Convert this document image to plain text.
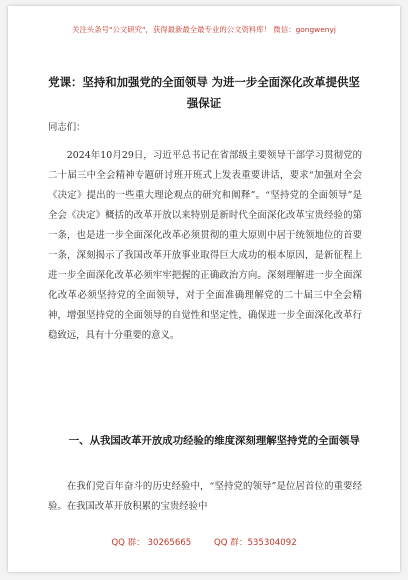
关注头条号"公文研究"，获得最新最全最专业的公文资料库！ 微信：gongwenyj
党课：坚持和加强党的全面领导 为进一步全面深化改革提供坚强保证
同志们：
2024年10月29日，习近平总书记在省部级主要领导干部学习贯彻党的二十届三中全会精神专题研讨班开班式上发表重要讲话，要求“加强对全会《决定》提出的一些重大理论观点的研究和阐释”。“坚持党的全面领导”是全会《决定》概括的改革开放以来特别是新时代全面深化改革宝贵经验的第一条，也是进一步全面深化改革必须贯彻的重大原则中居于统领地位的首要一条，深刻揭示了我国改革开放事业取得巨大成功的根本原因，是新征程上进一步全面深化改革必须牢牢把握的正确政治方向。深刻理解进一步全面深化改革必须坚持党的全面领导，对于全面准确理解党的二十届三中全会精神，增强坚持党的全面领导的自觉性和坚定性，确保进一步全面深化改革行稳致远，具有十分重要的意义。
一、从我国改革开放成功经验的维度深刻理解坚持党的全面领导
在我们党百年奋斗的历史经验中，“坚持党的领导”是位居首位的重要经验。在我国改革开放积累的宝贵经验中
QQ 群： 30265665	QQ 群：535304092
